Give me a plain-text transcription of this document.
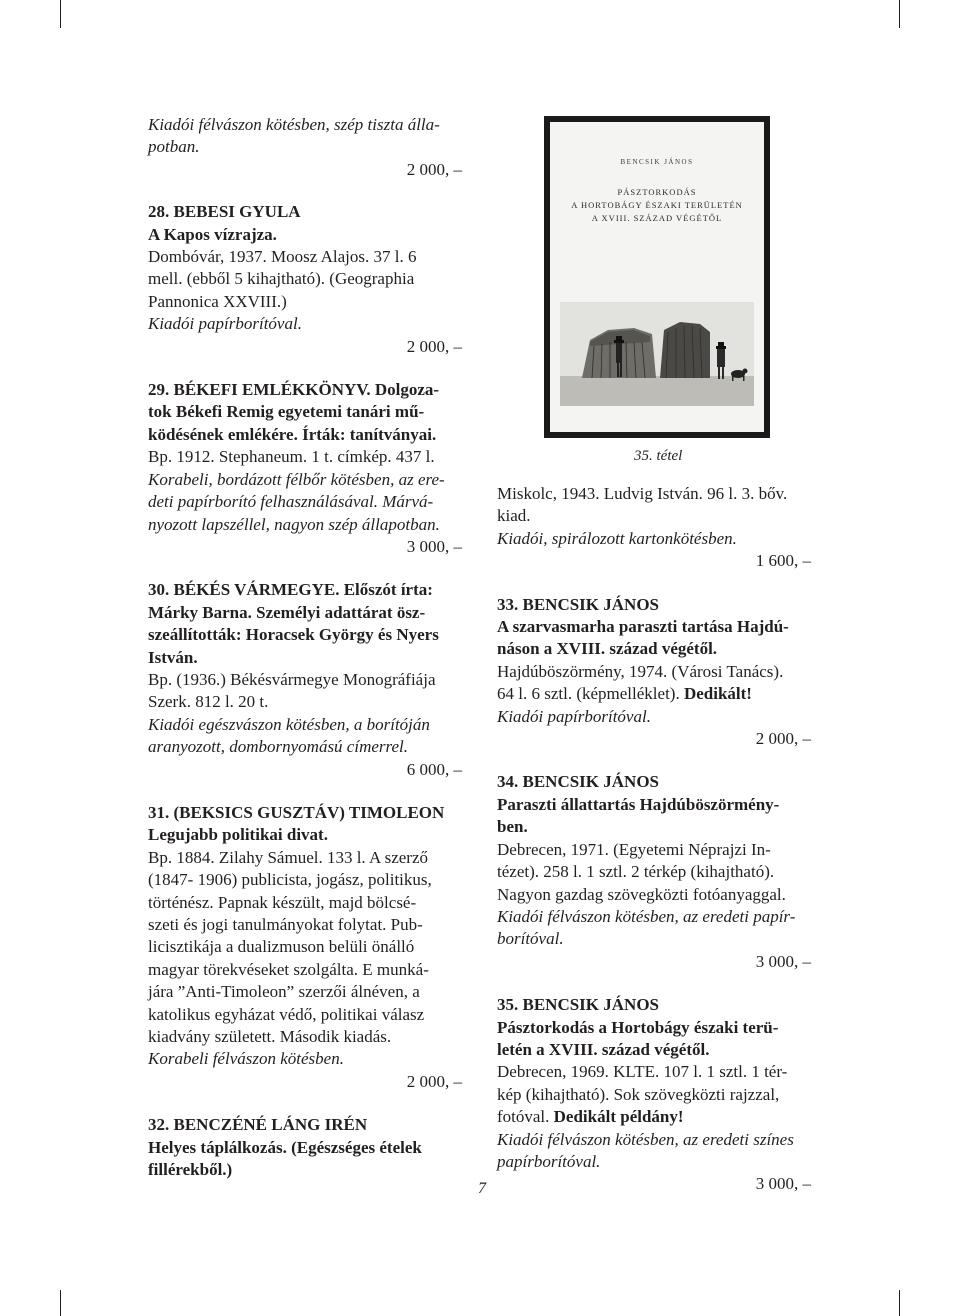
Kiadói félvászon kötésben, szép tiszta álla-
potban.
2 000, –
28. BEBESI GYULA
A Kapos vízrajza.
Dombóvár, 1937. Moosz Alajos. 37 l. 6
mell. (ebből 5 kihajtható). (Geographia
Pannonica XXVIII.)
Kiadói papírborítóval.
2 000, –
29. BÉKEFI EMLÉKKÖNYV. Dolgoza-
tok Békefi Remig egyetemi tanári mű-
ködésének emlékére. Írták: tanítványai.
Bp. 1912. Stephaneum. 1 t. címkép. 437 l.
Korabeli, bordázott félbőr kötésben, az ere-
deti papírborító felhasználásával. Márvá-
nyozott lapszéllel, nagyon szép állapotban.
3 000, –
30. BÉKÉS VÁRMEGYE. Előszót írta:
Márky Barna. Személyi adattárat ösz-
szeállították: Horacsek György és Nyers
István.
Bp. (1936.) Békésvármegye Monográfiája
Szerk. 812 l. 20 t.
Kiadói egészvászon kötésben, a borítóján
aranyozott, dombornyomású címerrel.
6 000, –
31. (BEKSICS GUSZTÁV) TIMOLEON
Legujabb politikai divat.
Bp. 1884. Zilahy Sámuel. 133 l. A szerző
(1847- 1906) publicista, jogász, politikus,
történész. Papnak készült, majd bölcsé-
szeti és jogi tanulmányokat folytat. Pub-
licisztikája a dualizmuson belüli önálló
magyar törekvéseket szolgálta. E munká-
jára ”Anti-Timoleon” szerzői álnéven, a
katolikus egyházat védő, politikai válasz
kiadvány született. Második kiadás.
Korabeli félvászon kötésben.
2 000, –
32. BENCZÉNÉ LÁNG IRÉN
Helyes táplálkozás. (Egészséges ételek
fillérekből.)
BENCSIK JÁNOS
PÁSZTORKODÁS
A HORTOBÁGY ÉSZAKI TERÜLETÉN
A XVIII. SZÁZAD VÉGÉTŐL
35. tétel
Miskolc, 1943. Ludvig István. 96 l. 3. bőv.
kiad.
Kiadói, spirálozott kartonkötésben.
1 600, –
33. BENCSIK JÁNOS
A szarvasmarha paraszti tartása Hajdú-
náson a XVIII. század végétől.
Hajdúböszörmény, 1974. (Városi Tanács).
64 l. 6 sztl. (képmelléklet). Dedikált!
Kiadói papírborítóval.
2 000, –
34. BENCSIK JÁNOS
Paraszti állattartás Hajdúböszörmény-
ben.
Debrecen, 1971. (Egyetemi Néprajzi In-
tézet). 258 l. 1 sztl. 2 térkép (kihajtható).
Nagyon gazdag szövegközti fotóanyaggal.
Kiadói félvászon kötésben, az eredeti papír-
borítóval.
3 000, –
35. BENCSIK JÁNOS
Pásztorkodás a Hortobágy északi terü-
letén a XVIII. század végétől.
Debrecen, 1969. KLTE. 107 l. 1 sztl. 1 tér-
kép (kihajtható). Sok szövegközti rajzzal,
fotóval. Dedikált példány!
Kiadói félvászon kötésben, az eredeti színes
papírborítóval.
3 000, –
7
